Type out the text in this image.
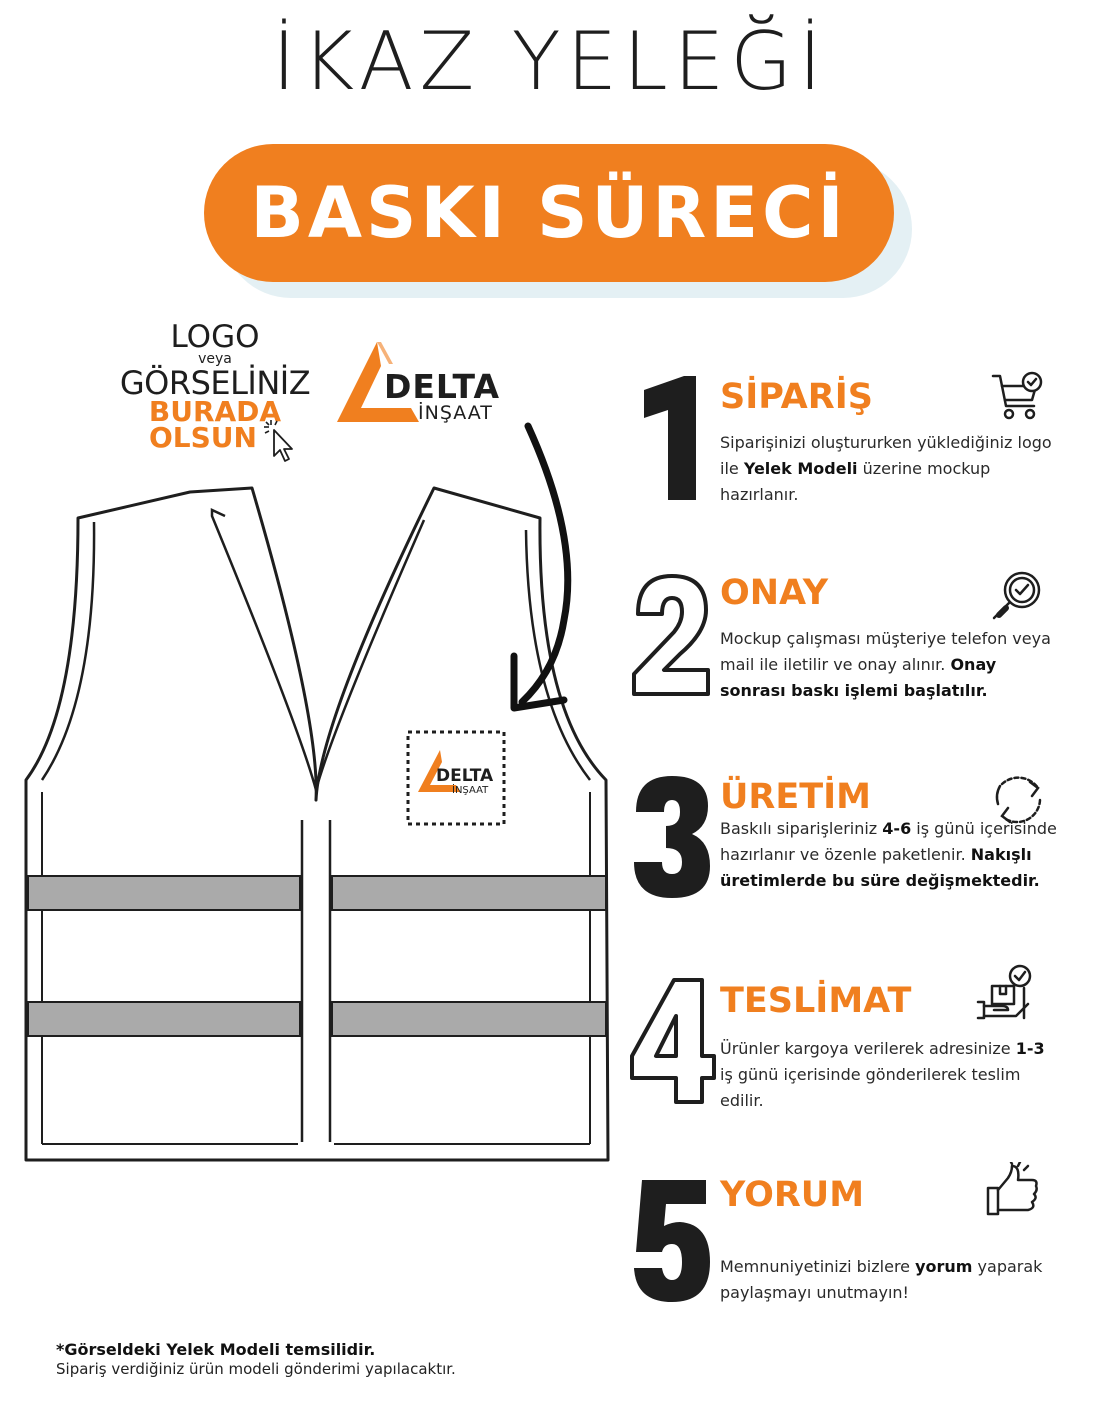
İKAZ YELEĞİ
BASKI SÜRECİ
LOGO
veya
GÖRSELİNİZ
BURADA
OLSUN
DELTA
İNŞAAT
DELTA
İNŞAAT
SİPARİŞ
Siparişinizi oluştururken yüklediğiniz logo ile Yelek Modeli üzerine mockup hazırlanır.
ONAY
Mockup çalışması müşteriye telefon veya mail ile iletilir ve onay alınır. Onay sonrası baskı işlemi başlatılır.
ÜRETİM
Baskılı siparişleriniz 4-6 iş günü içerisinde hazırlanır ve özenle paketlenir. Nakışlı üretimlerde bu süre değişmektedir.
TESLİMAT
Ürünler kargoya verilerek adresinize 1-3 iş günü içerisinde gönderilerek teslim edilir.
YORUM
Memnuniyetinizi bizlere yorum yaparak paylaşmayı unutmayın!
*Görseldeki Yelek Modeli temsilidir.
Sipariş verdiğiniz ürün modeli gönderimi yapılacaktır.
